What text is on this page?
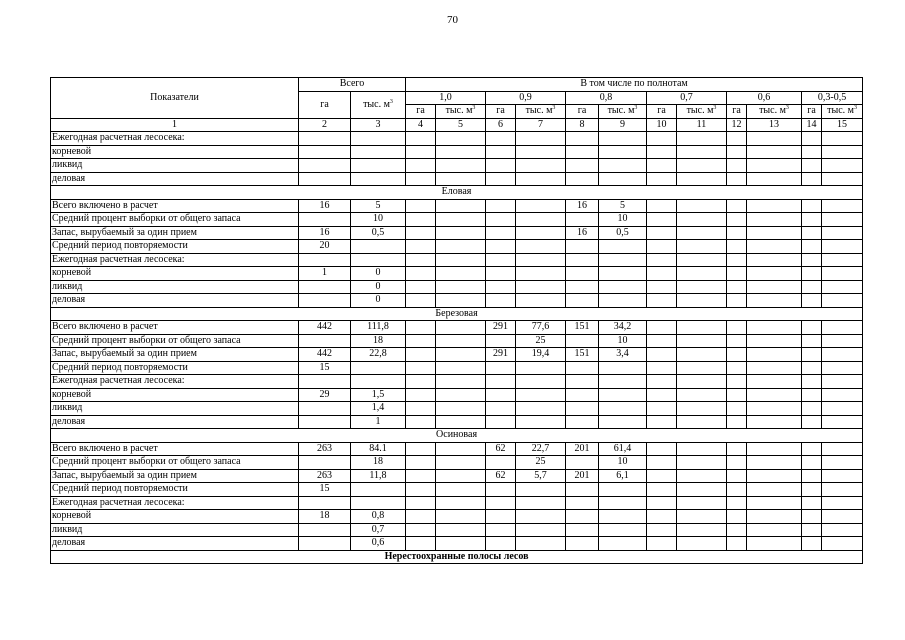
70
Показатели	Всего		В том числе по полнотам											
	га	тыс. $м^3$	1,0		0,9		0,8		0,7		0,6		0,3-0,5	
			га	тыс. $м^3$	га	тыс. $м^3$	га	тыс. $м^3$	га	тыс. $м^3$	га	тыс. $м^3$	га	тыс. $м^3$
1	2	3	4	5	6	7	8	9	10	11	12	13	14	15
Ежегодная расчетная лесосека:														
корневой														
ликвид														
деловая														
Еловая														
Всего включено в расчет	16	5					16	5						
Средний процент выборки от общего запаса		10						10						
Запас, вырубаемый за один прием	16	0,5					16	0,5						
Средний период повторяемости	20													
Ежегодная расчетная лесосека:														
корневой	1	0												
ликвид		0												
деловая		0												
Березовая														
Всего включено в расчет	442	111,8			291	77,6	151	34,2						
Средний процент выборки от общего запаса		18				25		10						
Запас, вырубаемый за один прием	442	22,8			291	19,4	151	3,4						
Средний период повторяемости	15													
Ежегодная расчетная лесосека:														
корневой	29	1,5												
ликвид		1,4												
деловая		1												
Осиновая														
Всего включено в расчет	263	84.1			62	22,7	201	61,4						
Средний процент выборки от общего запаса		18				25		10						
Запас, вырубаемый за один прием	263	11,8			62	5,7	201	6,1						
Средний период повторяемости	15													
Ежегодная расчетная лесосека:														
корневой	18	0,8												
ликвид		0,7												
деловая		0,6												
Нерестоохранные полосы лесов														
